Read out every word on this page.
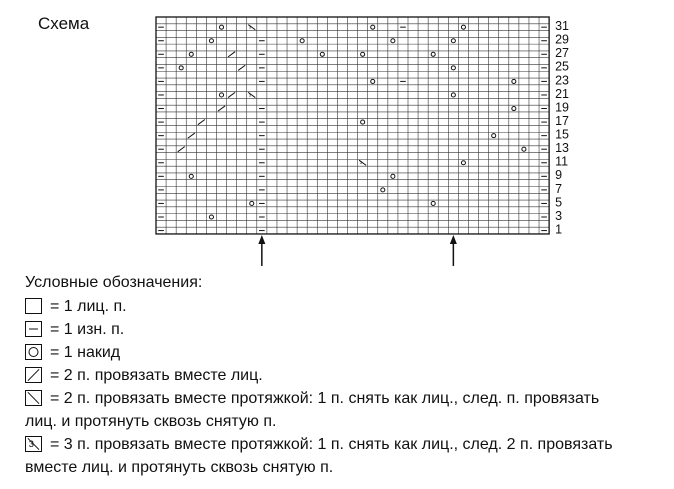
Схема	3
3
3
31
29
27
25
23
21
19
17
15
13
11
9
7
5
3
1
Условные обозначения:
= 1 лиц. п.
= 1 изн. п.
= 1 накид
= 2 п. провязать вместе лиц.
= 2 п. провязать вместе протяжкой: 1 п. снять как лиц., след. п. провязать
лиц. и протянуть сквозь снятую п.
3 = 3 п. провязать вместе протяжкой: 1 п. снять как лиц., след. 2 п. провязать
вместе лиц. и протянуть сквозь снятую п.
